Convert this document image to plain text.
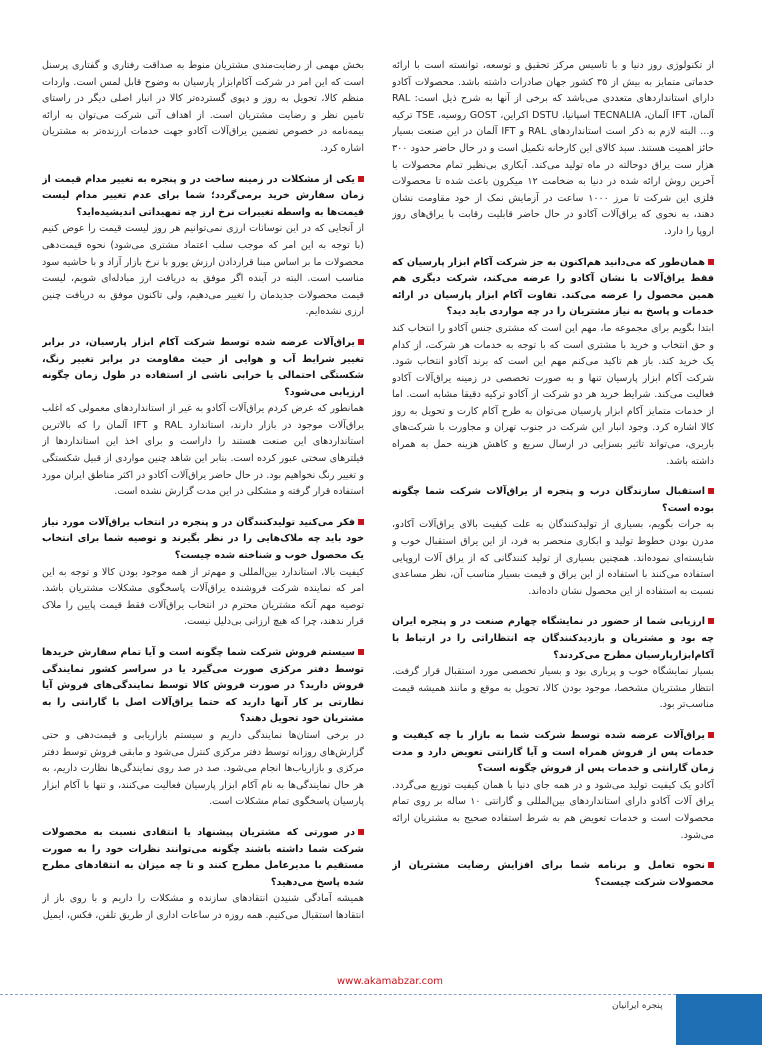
از تکنولوژی روز دنیا و با تاسیس مرکز تحقیق و توسعه، توانسته است با ارائه خدماتی متمایز به بیش از ۳۵ کشور جهان صادرات داشته باشد. محصولات آکادو دارای استانداردهای متعددی می‌باشد که برخی از آنها به شرح ذیل است: RAL آلمان، IFT آلمان، TECNALIA اسپانیا، DSTU اکراین، GOST روسیه، TSE ترکیه و... البته لازم به ذکر است استانداردهای RAL و IFT آلمان در این صنعت بسیار حائز اهمیت هستند. سبد کالای این کارخانه تکمیل است و در حال حاضر حدود ۳۰۰ هزار ست یراق دوحالته در ماه تولید می‌کند. آبکاری بی‌نظیر تمام محصولات با آخرین روش ارائه شده در دنیا به ضخامت ۱۲ میکرون باعث شده تا محصولات فلزی این شرکت تا مرز ۱۰۰۰ ساعت در آزمایش نمک از خود مقاومت نشان دهند، به نحوی که یراق‌آلات آکادو در حال حاضر قابلیت رقابت با یراق‌های روز اروپا را دارد.

همان‌طور که می‌دانید هم‌اکنون به جز شرکت آکام ابزار پارسیان که فقط یراق‌آلات با نشان آکادو را عرضه می‌کند، شرکت دیگری هم همین محصول را عرضه می‌کند. تفاوت آکام ابزار پارسیان در ارائه خدمات و پاسخ به نیاز مشتریان را در چه مواردی باید دید؟

ابتدا بگویم برای مجموعه ما، مهم این است که مشتری جنس آکادو را انتخاب کند و حق انتخاب و خرید با مشتری است که با توجه به خدمات هر شرکت، از کدام یک خرید کند. باز هم تاکید می‌کنم مهم این است که برند آکادو انتخاب شود. شرکت آکام ابزار پارسیان تنها و به صورت تخصصی در زمینه یراق‌آلات آکادو فعالیت می‌کند. شرایط خرید هر دو شرکت از آکادو ترکیه دقیقا مشابه است. اما از خدمات متمایز آکام ابزار پارسیان می‌توان به طرح آکام کارت و تحویل به روز کالا اشاره کرد. وجود انبار این شرکت در جنوب تهران و مجاورت با شرکت‌های باربری، می‌تواند تاثیر بسزایی در ارسال سریع و کاهش هزینه حمل به همراه داشته باشد.

استقبال سازندگان درب و پنجره از یراق‌آلات شرکت شما چگونه بوده است؟

به جرات بگویم، بسیاری از تولیدکنندگان به علت کیفیت بالای یراق‌آلات آکادو، مدرن بودن خطوط تولید و ابکاری منحصر به فرد، از این یراق استقبال خوب و شایسته‌ای نموده‌اند. همچنین بسیاری از تولید کنندگانی که از یراق آلات اروپایی استفاده می‌کنند با استفاده از این یراق و قیمت بسیار مناسب آن، نظر مساعدی نسبت به استفاده از این محصول نشان داده‌اند.

ارزیابی شما از حضور در نمایشگاه چهارم صنعت در و پنجره ایران چه بود و مشتریان و بازدیدکنندگان چه انتظاراتی را در ارتباط با آکام‌ابزارپارسیان مطرح می‌کردند؟

بسیار نمایشگاه خوب و پرباری بود و بسیار تخصصی مورد استقبال قرار گرفت. انتظار مشتریان مشخصا، موجود بودن کالا، تحویل به موقع و مانند همیشه قیمت مناسب‌تر بود.

یراق‌آلات عرضه شده توسط شرکت شما به بازار با چه کیفیت و خدمات پس از فروش همراه است و آیا گارانتی تعویض دارد و مدت زمان گارانتی و خدمات پس از فروش چگونه است؟

آکادو یک کیفیت تولید می‌شود و در همه جای دنیا با همان کیفیت توزیع می‌گردد. یراق آلات آکادو دارای استانداردهای بین‌المللی و گارانتی ۱۰ ساله بر روی تمام محصولات است و خدمات تعویض هم به شرط استفاده صحیح به مشتریان ارائه می‌شود.

نحوه تعامل و برنامه شما برای افزایش رضایت مشتریان از محصولات شرکت چیست؟

بخش مهمی از رضایت‌مندی مشتریان منوط به صداقت رفتاری و گفتاری پرسنل است که این امر در شرکت آکام‌ابزار پارسیان به وضوح قابل لمس است. واردات منظم کالا، تحویل به روز و دپوی گسترده‌تر کالا در انبار اصلی دیگر در راستای تامین نظر و رضایت مشتریان است. از اهداف آتی شرکت می‌توان به ارائه بیمه‌نامه در خصوص تضمین یراق‌آلات آکادو جهت خدمات ارزنده‌تر به مشتریان اشاره کرد.

یکی از مشکلات در زمینه ساخت در و پنجره به تغییر مدام قیمت از زمان سفارش خرید برمی‌گردد؛ شما برای عدم تغییر مدام لیست قیمت‌ها به واسطه تغییرات نرخ ارز چه تمهیداتی اندیشیده‌اید؟

از آنجایی که در این نوسانات ارزی نمی‌توانیم هر روز لیست قیمت را عوض کنیم (با توجه به این امر که موجب سلب اعتماد مشتری می‌شود) نحوه قیمت‌دهی محصولات ما بر اساس مبنا قراردادن ارزش یورو با نرخ بازار آزاد و با حاشیه سود مناسب است. البته در آینده اگر موفق به دریافت ارز مبادله‌ای شویم، لیست قیمت محصولات جدیدمان را تغییر می‌دهیم، ولی تاکنون موفق به دریافت چنین ارزی نشده‌ایم.

یراق‌آلات عرضه شده توسط شرکت آکام ابزار پارسیان، در برابر تغییر شرایط آب و هوایی از حیث مقاومت در برابر تغییر رنگ، شکستگی احتمالی یا خرابی ناشی از استفاده در طول زمان چگونه ارزیابی می‌شود؟

همانطور که عرض کردم یراق‌آلات آکادو به غیر از استانداردهای معمولی که اغلب یراق‌آلات موجود در بازار دارند، استاندارد RAL و IFT آلمان را که بالاترین استانداردهای این صنعت هستند را داراست و برای اخذ این استانداردها از فیلترهای سختی عبور کرده است. بنابر این شاهد چنین مواردی از قبیل شکستگی و تغییر رنگ نخواهیم بود. در حال حاضر یراق‌آلات آکادو در اکثر مناطق ایران مورد استفاده قرار گرفته و مشکلی در این مدت گزارش نشده است.

فکر می‌کنید تولیدکنندگان در و پنجره در انتخاب یراق‌آلات مورد نیاز خود باید چه ملاک‌هایی را در نظر بگیرند و توصیه شما برای انتخاب یک محصول خوب و شناخته شده چیست؟

کیفیت بالا، استاندارد بین‌المللی و مهم‌تر از همه موجود بودن کالا و توجه به این امر که نماینده شرکت فروشنده یراق‌آلات پاسخگوی مشکلات مشتریان باشد. توصیه مهم آنکه مشتریان محترم در انتخاب یراق‌آلات فقط قیمت پایین را ملاک قرار ندهند، چرا که هیچ ارزانی بی‌دلیل نیست.

سیستم فروش شرکت شما چگونه است و آیا تمام سفارش خریدها توسط دفتر مرکزی صورت می‌گیرد یا در سراسر کشور نمایندگی فروش دارید؟ در صورت فروش کالا توسط نمایندگی‌های فروش آیا نظارتی بر کار آنها دارید که حتما یراق‌آلات اصل با گارانتی را به مشتریان خود تحویل دهند؟

در برخی استان‌ها نمایندگی داریم و سیستم بازاریابی و قیمت‌دهی و حتی گزارش‌های روزانه توسط دفتر مرکزی کنترل می‌شود و مابقی فروش توسط دفتر مرکزی و بازاریاب‌ها انجام می‌شود. صد در صد روی نمایندگی‌ها نظارت داریم، به هر حال نمایندگی‌ها به نام آکام ابزار پارسیان فعالیت می‌کنند، و تنها با آکام ابزار پارسیان پاسخگوی تمام مشکلات است.

در صورتی که مشتریان پیشنهاد یا انتقادی نسبت به محصولات شرکت شما داشته باشند چگونه می‌توانند نظرات خود را به صورت مستقیم با مدیرعامل مطرح کنند و تا چه میزان به انتقادهای مطرح شده پاسخ می‌دهید؟

همیشه آمادگی شنیدن انتقادهای سازنده و مشکلات را داریم و با روی باز از انتقادها استقبال می‌کنیم. همه روزه در ساعات اداری از طریق تلفن، فکس، ایمیل

www.akamabzar.com
پنجره ایرانیان ۱۰۶
